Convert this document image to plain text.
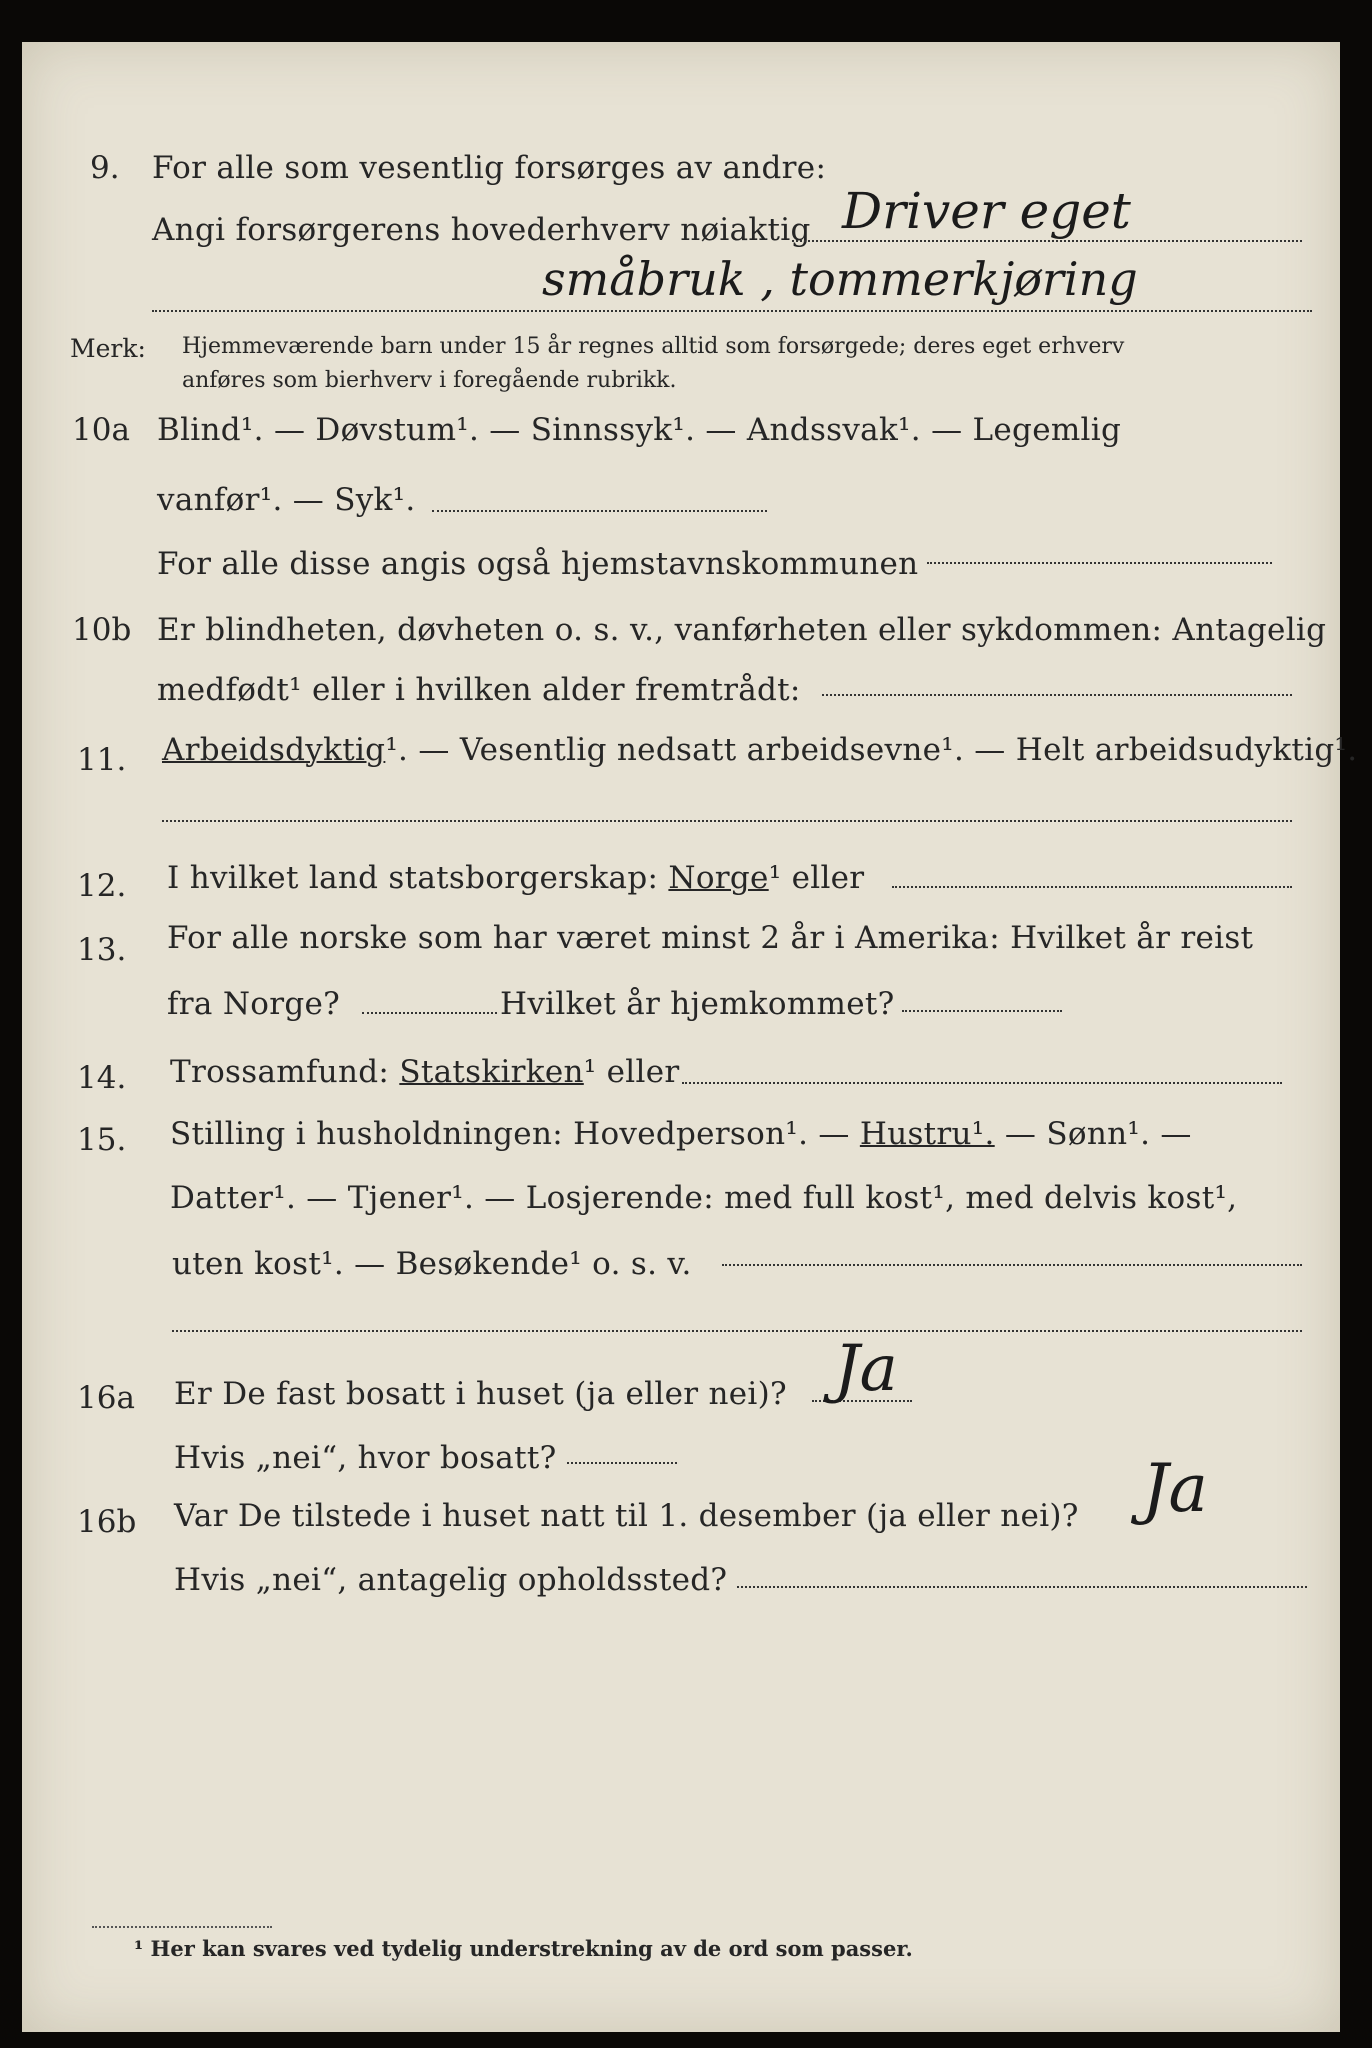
9. For alle som vesentlig forsørges av andre:
Angi forsørgerens hovederhverv nøiaktig Driver eget
småbruk , tommerkjøring
Merk: Hjemmeværende barn under 15 år regnes alltid som forsørgede; deres eget erhverv
anføres som bierhverv i foregående rubrikk.
10a Blind¹. — Døvstum¹. — Sinnssyk¹. — Andssvak¹. — Legemlig
vanfør¹. — Syk¹.
For alle disse angis også hjemstavnskommunen
10b Er blindheten, døvheten o. s. v., vanførheten eller sykdommen: Antagelig
medfødt¹ eller i hvilken alder fremtrådt:
11. Arbeidsdyktig¹. — Vesentlig nedsatt arbeidsevne¹. — Helt arbeidsudyktig¹.
12. I hvilket land statsborgerskap: Norge¹ eller
13. For alle norske som har været minst 2 år i Amerika: Hvilket år reist
fra Norge?	Hvilket år hjemkommet?
14. Trossamfund: Statskirken¹ eller
15. Stilling i husholdningen: Hovedperson¹. — Hustru¹. — Sønn¹. —
Datter¹. — Tjener¹. — Losjerende: med full kost¹, med delvis kost¹,
uten kost¹. — Besøkende¹ o. s. v.
16a Er De fast bosatt i huset (ja eller nei)? Ja
Hvis „nei“, hvor bosatt?
16b Var De tilstede i huset natt til 1. desember (ja eller nei)? Ja
Hvis „nei“, antagelig opholdssted?
¹ Her kan svares ved tydelig understrekning av de ord som passer.
